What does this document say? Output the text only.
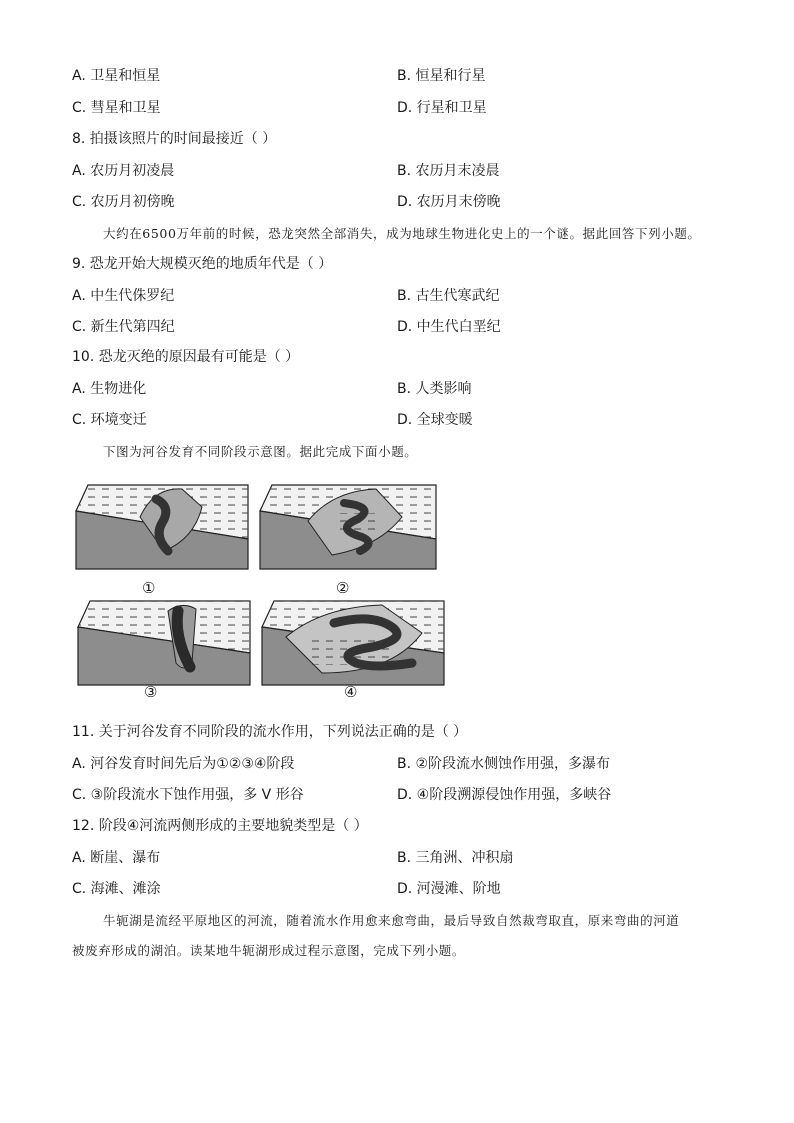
A. 卫星和恒星	B. 恒星和行星
C. 彗星和卫星	D. 行星和卫星
8. 拍摄该照片的时间最接近（ ）
A. 农历月初凌晨	B. 农历月末凌晨
C. 农历月初傍晚	D. 农历月末傍晚
大约在6500万年前的时候，恐龙突然全部消失，成为地球生物进化史上的一个谜。据此回答下列小题。
9. 恐龙开始大规模灭绝的地质年代是（ ）
A. 中生代侏罗纪	B. 古生代寒武纪
C. 新生代第四纪	D. 中生代白垩纪
10. 恐龙灭绝的原因最有可能是（ ）
A. 生物进化	B. 人类影响
C. 环境变迁	D. 全球变暖
下图为河谷发育不同阶段示意图。据此完成下面小题。
①	②
③	④
11. 关于河谷发育不同阶段的流水作用，下列说法正确的是（ ）
A. 河谷发育时间先后为①②③④阶段	B. ②阶段流水侧蚀作用强，多瀑布
C. ③阶段流水下蚀作用强，多 V 形谷	D. ④阶段溯源侵蚀作用强，多峡谷
12. 阶段④河流两侧形成的主要地貌类型是（ ）
A. 断崖、瀑布	B. 三角洲、冲积扇
C. 海滩、滩涂	D. 河漫滩、阶地
牛轭湖是流经平原地区的河流，随着流水作用愈来愈弯曲，最后导致自然裁弯取直，原来弯曲的河道
被废弃形成的湖泊。读某地牛轭湖形成过程示意图，完成下列小题。
